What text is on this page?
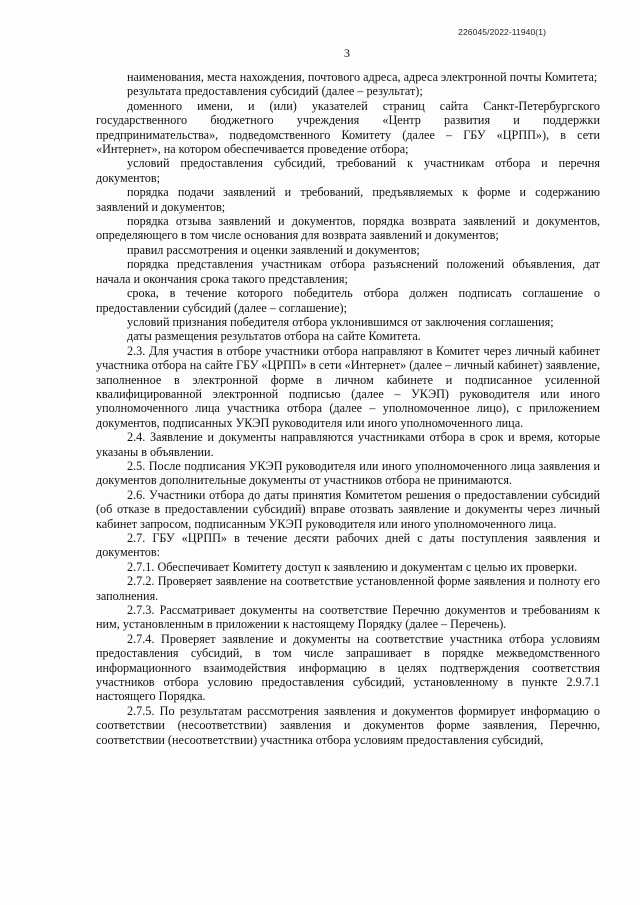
226045/2022-11940(1)
3

наименования, места нахождения, почтового адреса, адреса электронной почты Комитета;

результата предоставления субсидий (далее – результат);

доменного имени, и (или) указателей страниц сайта Санкт-Петербургского государственного бюджетного учреждения «Центр развития и поддержки предпринимательства», подведомственного Комитету (далее – ГБУ «ЦРПП»), в сети «Интернет», на котором обеспечивается проведение отбора;

условий предоставления субсидий, требований к участникам отбора и перечня документов;

порядка подачи заявлений и требований, предъявляемых к форме и содержанию заявлений и документов;

порядка отзыва заявлений и документов, порядка возврата заявлений и документов, определяющего в том числе основания для возврата заявлений и документов;

правил рассмотрения и оценки заявлений и документов;

порядка представления участникам отбора разъяснений положений объявления, дат начала и окончания срока такого представления;

срока, в течение которого победитель отбора должен подписать соглашение о предоставлении субсидий (далее – соглашение);

условий признания победителя отбора уклонившимся от заключения соглашения;

даты размещения результатов отбора на сайте Комитета.

2.3. Для участия в отборе участники отбора направляют в Комитет через личный кабинет участника отбора на сайте ГБУ «ЦРПП» в сети «Интернет» (далее – личный кабинет) заявление, заполненное в электронной форме в личном кабинете и подписанное усиленной квалифицированной электронной подписью (далее – УКЭП) руководителя или иного уполномоченного лица участника отбора (далее – уполномоченное лицо), с приложением документов, подписанных УКЭП руководителя или иного уполномоченного лица.

2.4. Заявление и документы направляются участниками отбора в срок и время, которые указаны в объявлении.

2.5. После подписания УКЭП руководителя или иного уполномоченного лица заявления и документов дополнительные документы от участников отбора не принимаются.

2.6. Участники отбора до даты принятия Комитетом решения о предоставлении субсидий (об отказе в предоставлении субсидий) вправе отозвать заявление и документы через личный кабинет запросом, подписанным УКЭП руководителя или иного уполномоченного лица.

2.7. ГБУ «ЦРПП» в течение десяти рабочих дней с даты поступления заявления и документов:

2.7.1. Обеспечивает Комитету доступ к заявлению и документам с целью их проверки.

2.7.2. Проверяет заявление на соответствие установленной форме заявления и полноту его заполнения.

2.7.3. Рассматривает документы на соответствие Перечню документов и требованиям к ним, установленным в приложении к настоящему Порядку (далее – Перечень).

2.7.4. Проверяет заявление и документы на соответствие участника отбора условиям предоставления субсидий, в том числе запрашивает в порядке межведомственного информационного взаимодействия информацию в целях подтверждения соответствия участников отбора условию предоставления субсидий, установленному в пункте 2.9.7.1 настоящего Порядка.

2.7.5. По результатам рассмотрения заявления и документов формирует информацию о соответствии (несоответствии) заявления и документов форме заявления, Перечню, соответствии (несоответствии) участника отбора условиям предоставления субсидий,
